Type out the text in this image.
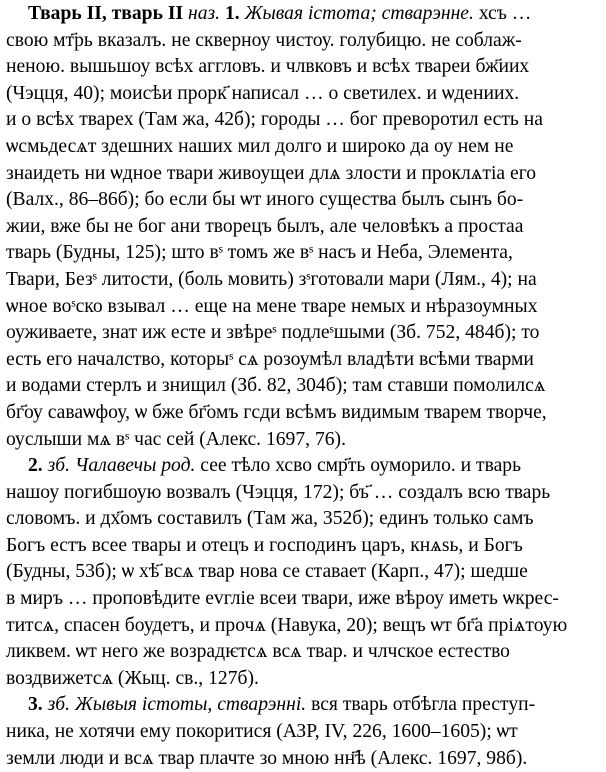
Тварь II, тварь II наз. 1. Жывая істота; стварэнне. хсъ …
свою мт҃рь вказалъ. не скверноу чистоу. голубицю. не соблаж-
неною. вышьшоу всѣх аггловъ. и члвковъ и всѣх твареи бж҃иих
(Чэцця, 40); моисѣи прорк҃ написал … о светилех. и ѡдениих.
и о всѣх тварех (Там жа, 42б); городы … бог преворотил есть на
ѡсмьдесѧт здешних наших мил долго и широко да оу нем не
знаидеть ни ѡдное твари живоущеи длѧ злости и проклѧтіа его
(Валх., 86–86б); бо если бы ѡт иного существа былъ сынъ бо-
жии, вже бы не бог ани творецъ былъ, але человѣкъ а простаа
тварь (Будны, 125); што вˢ томъ же вˢ насъ и Неба, Элемента,
Твари, Безˢ литости, (боль мовить) зˢготовали мари (Лям., 4); на
ѡное воˢско взывал … еще на мене тваре немых и нѣразоумных
оуживаете, знат иж есте и звѣреˢ подлеˢшыми (Зб. 752, 484б); то
есть его началство, которыˢ сѧ розоумѣл владѣти всѣми тварми
и водами стерлъ и знищил (Зб. 82, 304б); там ставши помолилсѧ
бг҃оу саваѡфоу, ѡ бже бг҃омъ гсди всѣмъ видимым тварем творче,
оуслыши мѧ вˢ час сей (Алекс. 1697, 76).

2. зб. Чалавечы род. сее тѣло хсво смр҃ть оуморило. и тварь
нашоу погибшоую возвалъ (Чэцця, 172); бъ҃ … создалъ всю тварь
словомъ. и дх҃омъ составилъ (Там жа, 352б); единъ только самъ
Богъ естъ всее твары и отецъ и господинъ царъ, кнѧѕь, и Богъ
(Будны, 53б); ѡ хѣ҃ всѧ твар нова се ставает (Карп., 47); шедше
в миръ … проповѣдите еvгліе всеи твари, иже вѣроу иметь ѡкрес-
титсѧ, спасен боудетъ, и прочѧ (Навука, 20); вещъ ѡт бг҃а пріѧтоую
ликвем. ѡт него же возрадѥтсѧ всѧ твар. и члчское естество
воздвижетсѧ (Жыц. св., 127б).

3. зб. Жывыя істоты, стварэнні. вся тварь отбѣгла преступ-
ника, не хотячи ему покоритися (АЗР, IV, 226, 1600–1605); ѡт
земли люди и всѧ твар плачте зо мною нн҃ѣ (Алекс. 1697, 98б).
